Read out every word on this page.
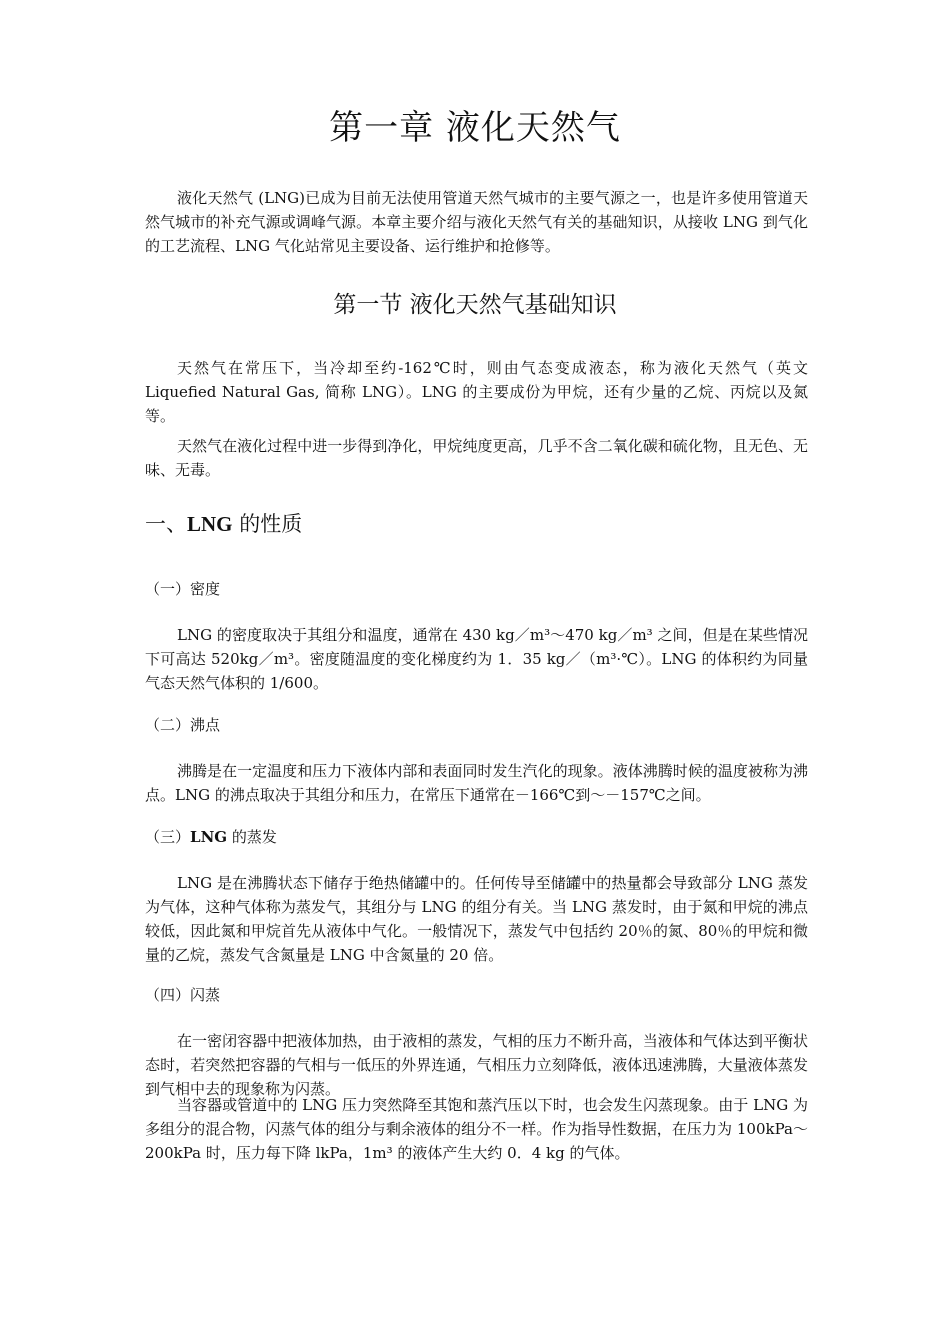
第一章 液化天然气

液化天然气 (LNG)已成为目前无法使用管道天然气城市的主要气源之一，也是许多使用管道天然气城市的补充气源或调峰气源。本章主要介绍与液化天然气有关的基础知识，从接收 LNG 到气化的工艺流程、LNG 气化站常见主要设备、运行维护和抢修等。

第一节 液化天然气基础知识

天然气在常压下，当冷却至约-162℃时，则由气态变成液态，称为液化天然气（英文Liquefied Natural Gas, 简称 LNG）。LNG 的主要成份为甲烷，还有少量的乙烷、丙烷以及氮等。

天然气在液化过程中进一步得到净化，甲烷纯度更高，几乎不含二氧化碳和硫化物，且无色、无味、无毒。

一、LNG 的性质
（一）密度

LNG 的密度取决于其组分和温度，通常在 430 kg／m³～470 kg／m³ 之间，但是在某些情况下可高达 520kg／m³。密度随温度的变化梯度约为 1．35 kg／（m³·℃）。LNG 的体积约为同量气态天然气体积的 1/600。

（二）沸点

沸腾是在一定温度和压力下液体内部和表面同时发生汽化的现象。液体沸腾时候的温度被称为沸点。LNG 的沸点取决于其组分和压力，在常压下通常在－166℃到～－157℃之间。

（三）LNG 的蒸发

LNG 是在沸腾状态下储存于绝热储罐中的。任何传导至储罐中的热量都会导致部分 LNG 蒸发为气体，这种气体称为蒸发气，其组分与 LNG 的组分有关。当 LNG 蒸发时，由于氮和甲烷的沸点较低，因此氮和甲烷首先从液体中气化。一般情况下，蒸发气中包括约 20％的氮、80％的甲烷和微量的乙烷，蒸发气含氮量是 LNG 中含氮量的 20 倍。

（四）闪蒸

在一密闭容器中把液体加热，由于液相的蒸发，气相的压力不断升高，当液体和气体达到平衡状态时，若突然把容器的气相与一低压的外界连通，气相压力立刻降低，液体迅速沸腾，大量液体蒸发到气相中去的现象称为闪蒸。

当容器或管道中的 LNG 压力突然降至其饱和蒸汽压以下时，也会发生闪蒸现象。由于 LNG 为多组分的混合物，闪蒸气体的组分与剩余液体的组分不一样。作为指导性数据，在压力为 100kPa～200kPa 时，压力每下降 lkPa，1m³ 的液体产生大约 0．4 kg 的气体。
